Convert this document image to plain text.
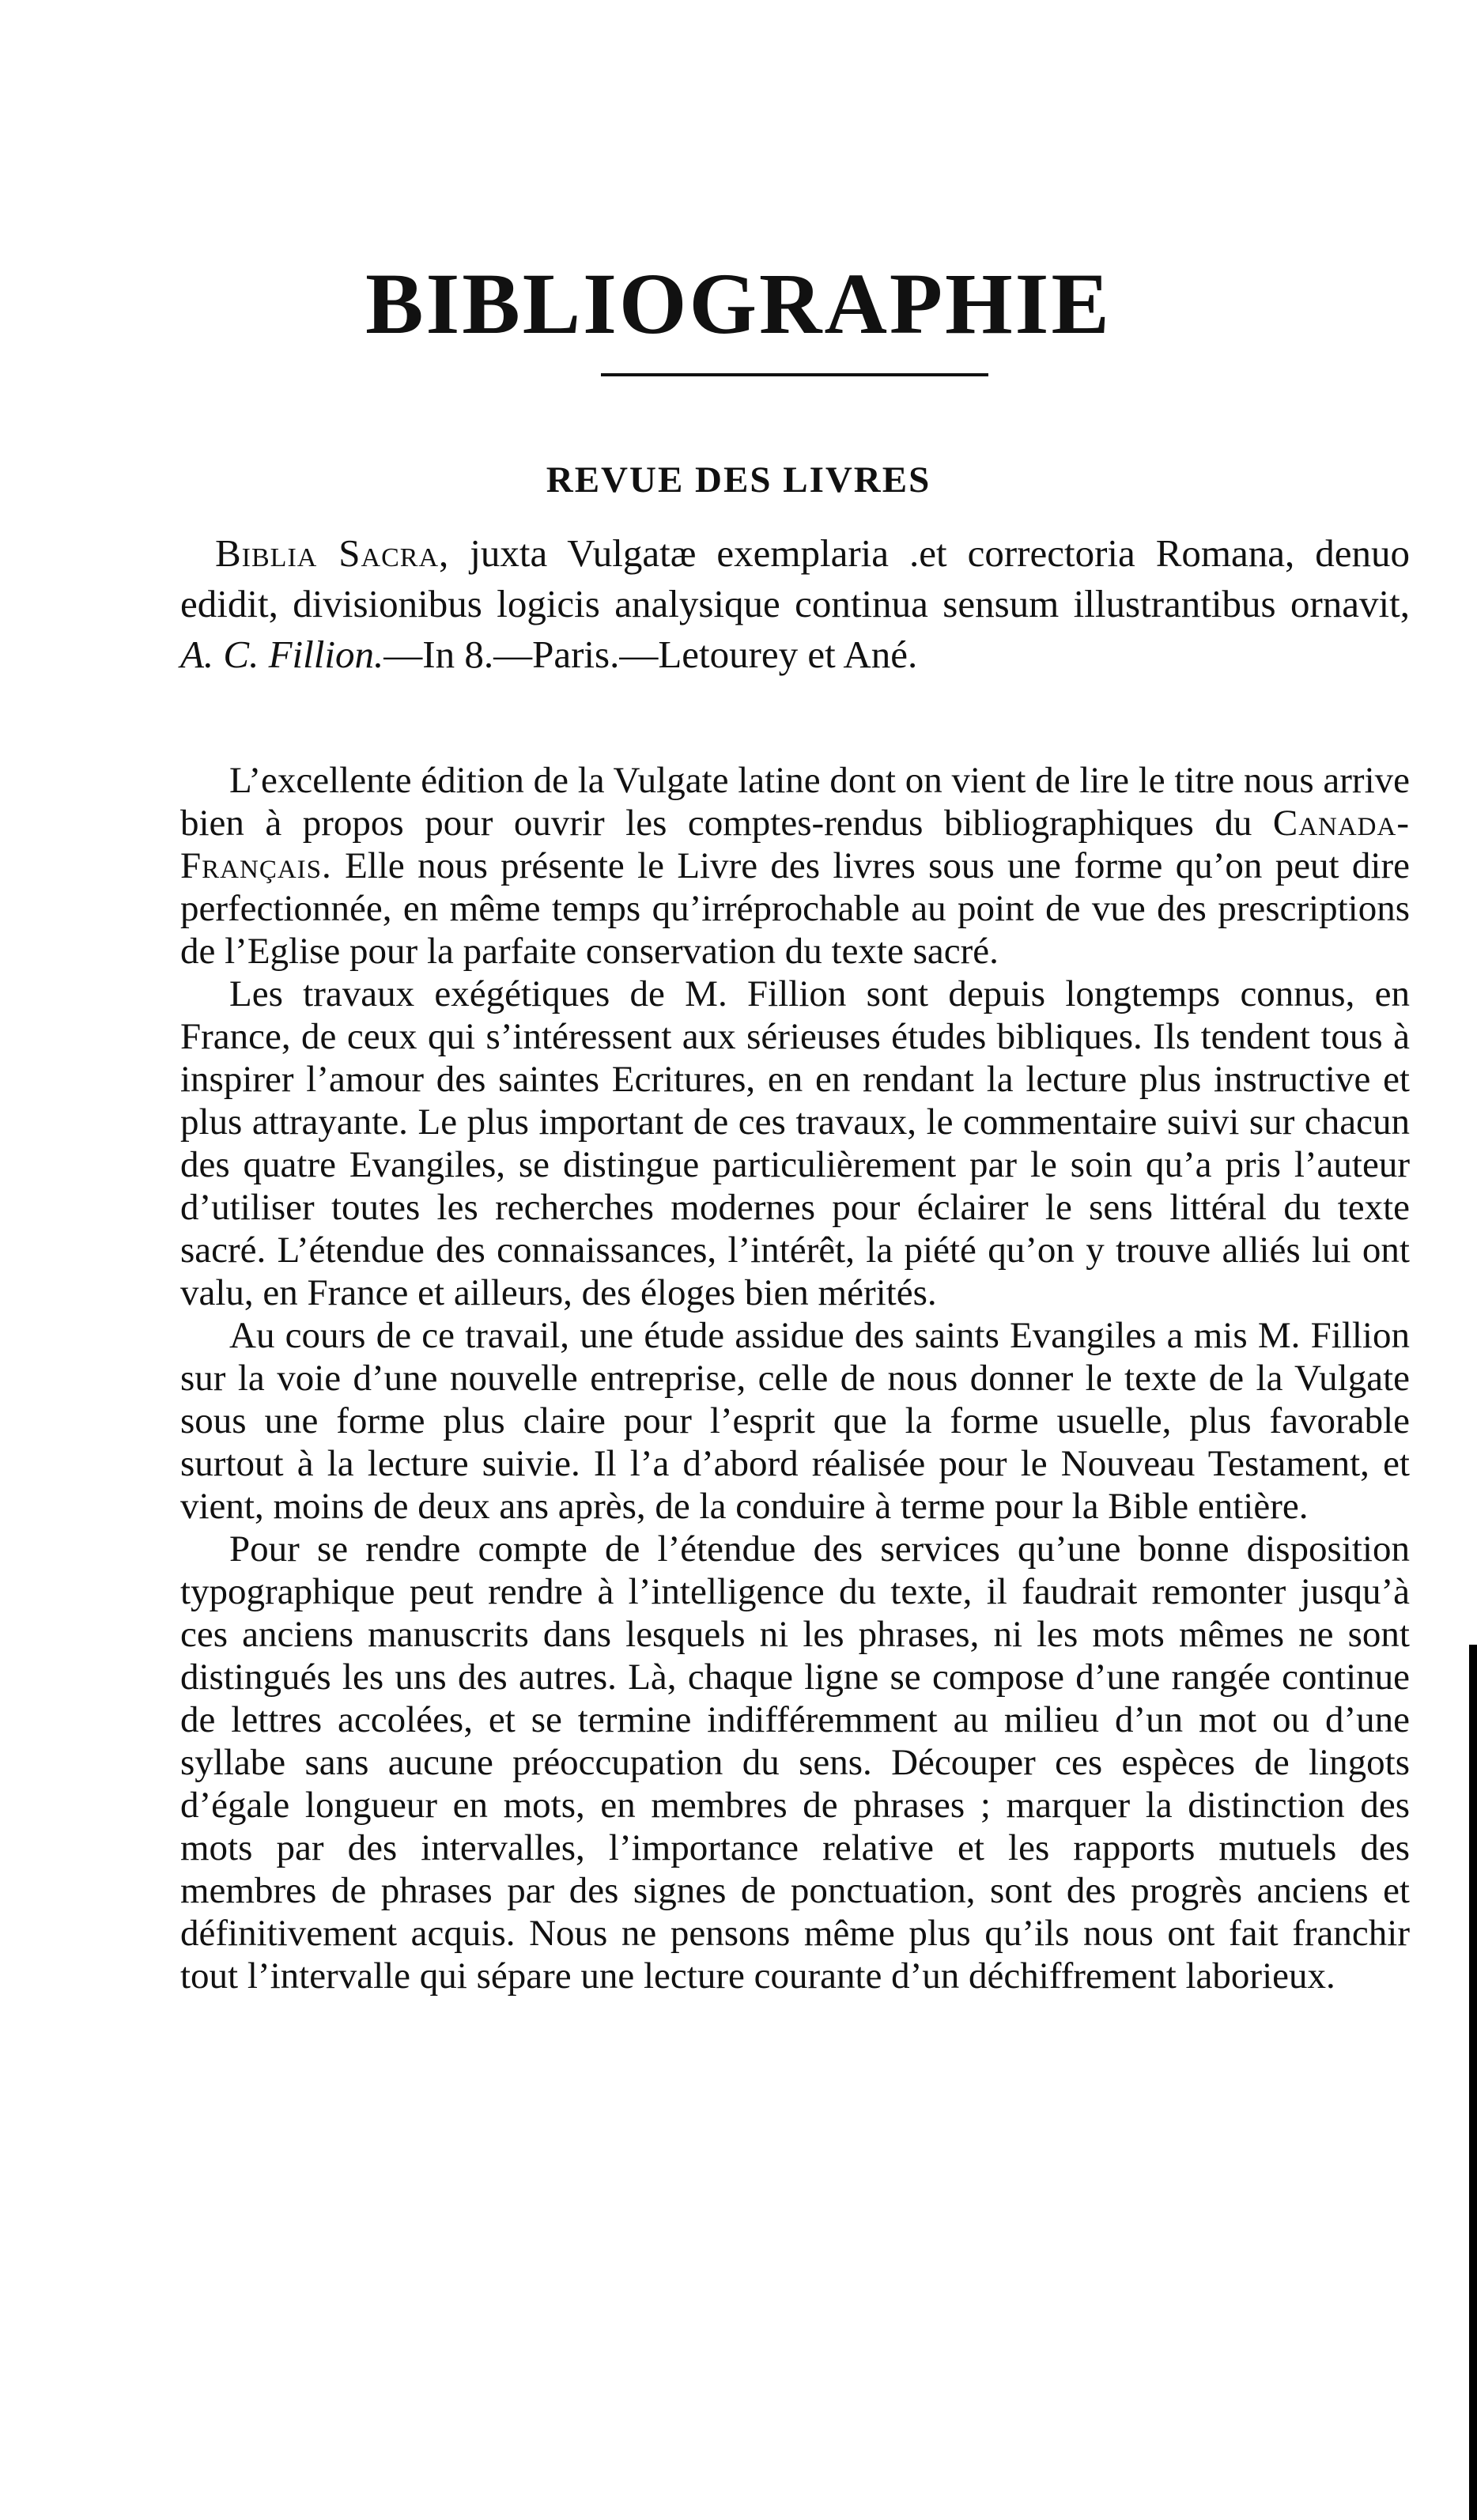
BIBLIOGRAPHIE
REVUE DES LIVRES

Biblia Sacra, juxta Vulgatæ exemplaria .et correctoria Romana, denuo edidit, divisionibus logicis analysique continua sensum illustrantibus ornavit, A. C. Fillion.—In 8.—Paris.—Letourey et Ané.

L’excellente édition de la Vulgate latine dont on vient de lire le titre nous arrive bien à propos pour ouvrir les comptes-rendus bibliographiques du Canada-Français. Elle nous présente le Livre des livres sous une forme qu’on peut dire perfectionnée, en même temps qu’irréprochable au point de vue des prescriptions de l’Eglise pour la parfaite conservation du texte sacré.

Les travaux exégétiques de M. Fillion sont depuis longtemps connus, en France, de ceux qui s’intéressent aux sérieuses études bibliques. Ils tendent tous à inspirer l’amour des saintes Ecritures, en en rendant la lecture plus instructive et plus attrayante. Le plus important de ces travaux, le commentaire suivi sur chacun des quatre Evangiles, se distingue particulièrement par le soin qu’a pris l’auteur d’utiliser toutes les recherches modernes pour éclairer le sens littéral du texte sacré. L’étendue des connaissances, l’intérêt, la piété qu’on y trouve alliés lui ont valu, en France et ailleurs, des éloges bien mérités.

Au cours de ce travail, une étude assidue des saints Evangiles a mis M. Fillion sur la voie d’une nouvelle entreprise, celle de nous donner le texte de la Vulgate sous une forme plus claire pour l’esprit que la forme usuelle, plus favorable surtout à la lecture suivie. Il l’a d’abord réalisée pour le Nouveau Testament, et vient, moins de deux ans après, de la conduire à terme pour la Bible entière.

Pour se rendre compte de l’étendue des services qu’une bonne disposition typographique peut rendre à l’intelligence du texte, il faudrait remonter jusqu’à ces anciens manuscrits dans lesquels ni les phrases, ni les mots mêmes ne sont distingués les uns des autres. Là, chaque ligne se compose d’une rangée continue de lettres accolées, et se termine indifféremment au milieu d’un mot ou d’une syllabe sans aucune préoccupation du sens. Découper ces espèces de lingots d’égale longueur en mots, en membres de phrases ; marquer la distinction des mots par des intervalles, l’importance relative et les rapports mutuels des membres de phrases par des signes de ponctuation, sont des progrès anciens et définitivement acquis. Nous ne pensons même plus qu’ils nous ont fait franchir tout l’intervalle qui sépare une lecture courante d’un déchiffrement laborieux.
